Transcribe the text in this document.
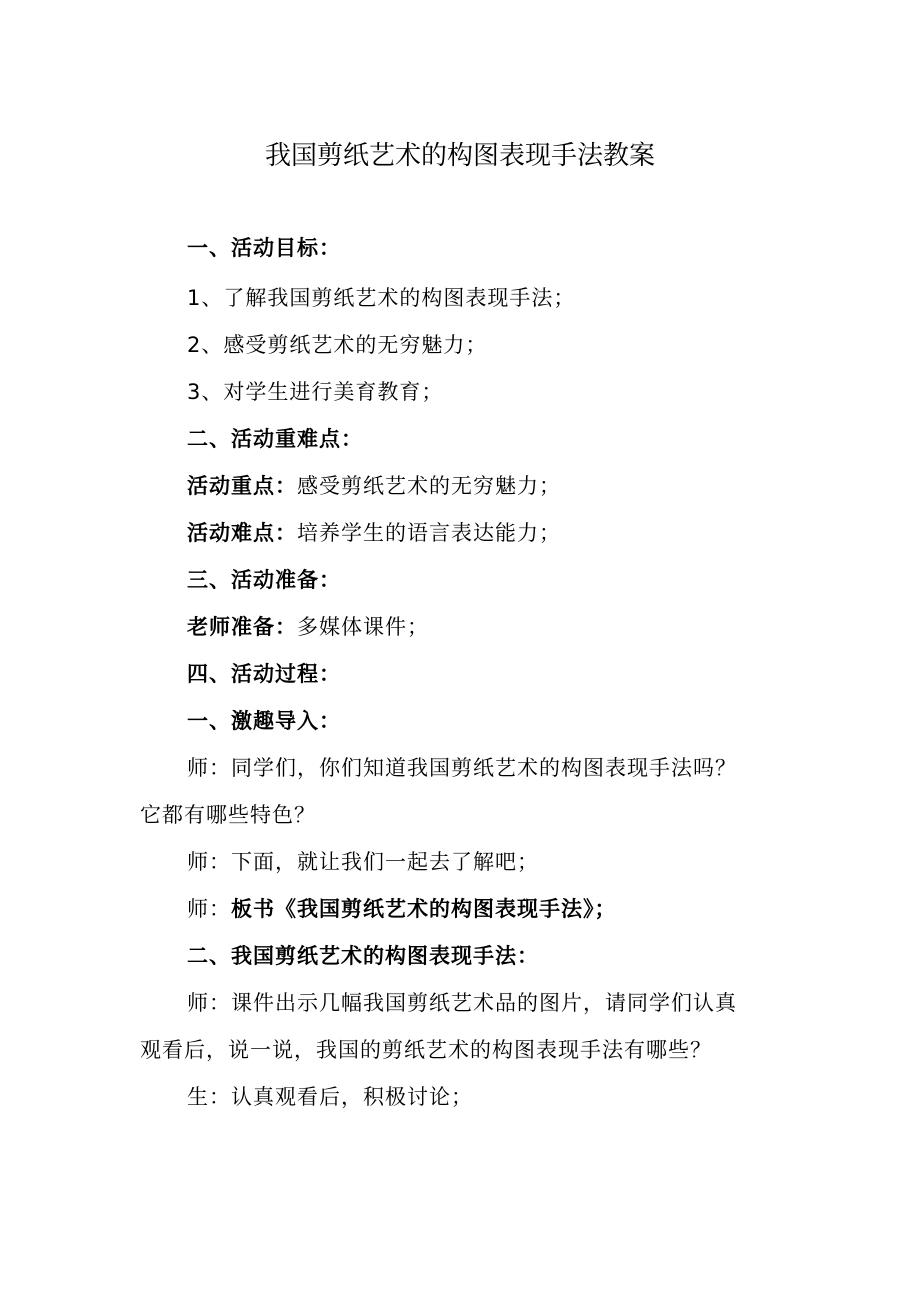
我国剪纸艺术的构图表现手法教案
一、活动目标：
1、了解我国剪纸艺术的构图表现手法；
2、感受剪纸艺术的无穷魅力；
3、对学生进行美育教育；
二、活动重难点：
活动重点：感受剪纸艺术的无穷魅力；
活动难点：培养学生的语言表达能力；
三、活动准备：
老师准备：多媒体课件；
四、活动过程：
一、激趣导入：
师：同学们，你们知道我国剪纸艺术的构图表现手法吗？
它都有哪些特色？
师：下面，就让我们一起去了解吧；
师：板书《我国剪纸艺术的构图表现手法》；
二、我国剪纸艺术的构图表现手法：
师：课件出示几幅我国剪纸艺术品的图片，请同学们认真
观看后，说一说，我国的剪纸艺术的构图表现手法有哪些？
生：认真观看后，积极讨论；
